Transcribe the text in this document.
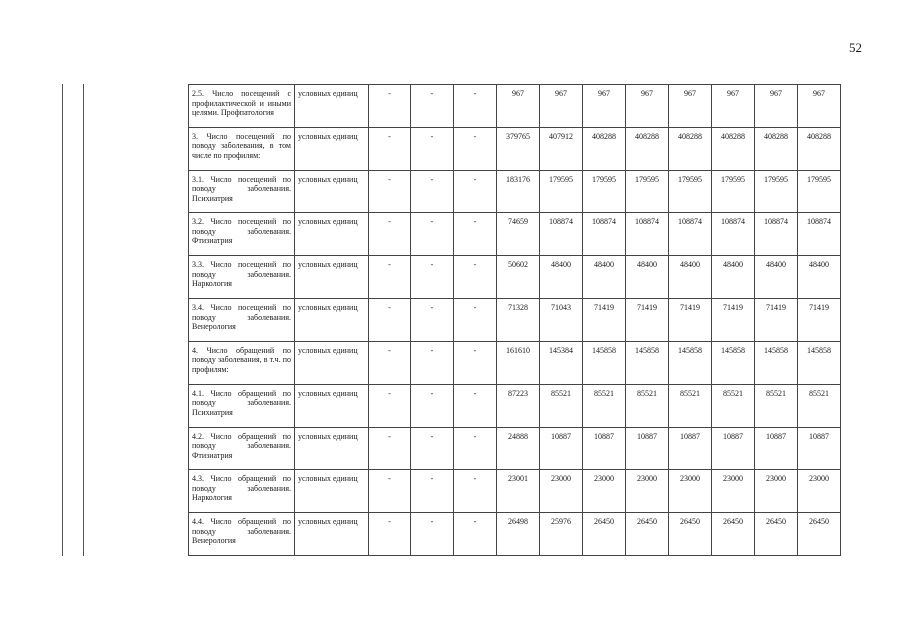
52
2.5. Число посещений с профилактической и иными целями. Профпатология	условных единиц	-	-	-	967	967	967	967	967	967	967	967
3. Число посещений по поводу заболевания, в том числе по профилям:	условных единиц	-	-	-	379765	407912	408288	408288	408288	408288	408288	408288
3.1. Число посещений по поводу заболевания. Психиатрия	условных единиц	-	-	-	183176	179595	179595	179595	179595	179595	179595	179595
3.2. Число посещений по поводу заболевания. Фтизиатрия	условных единиц	-	-	-	74659	108874	108874	108874	108874	108874	108874	108874
3.3. Число посещений по поводу заболевания. Наркология	условных единиц	-	-	-	50602	48400	48400	48400	48400	48400	48400	48400
3.4. Число посещений по поводу заболевания. Венерология	условных единиц	-	-	-	71328	71043	71419	71419	71419	71419	71419	71419
4. Число обращений по поводу заболевания, в т.ч. по профилям:	условных единиц	-	-	-	161610	145384	145858	145858	145858	145858	145858	145858
4.1. Число обращений по поводу заболевания. Психиатрия	условных единиц	-	-	-	87223	85521	85521	85521	85521	85521	85521	85521
4.2. Число обращений по поводу заболевания. Фтизиатрия	условных единиц	-	-	-	24888	10887	10887	10887	10887	10887	10887	10887
4.3. Число обращений по поводу заболевания. Наркология	условных единиц	-	-	-	23001	23000	23000	23000	23000	23000	23000	23000
4.4. Число обращений по поводу заболевания. Венерология	условных единиц	-	-	-	26498	25976	26450	26450	26450	26450	26450	26450
